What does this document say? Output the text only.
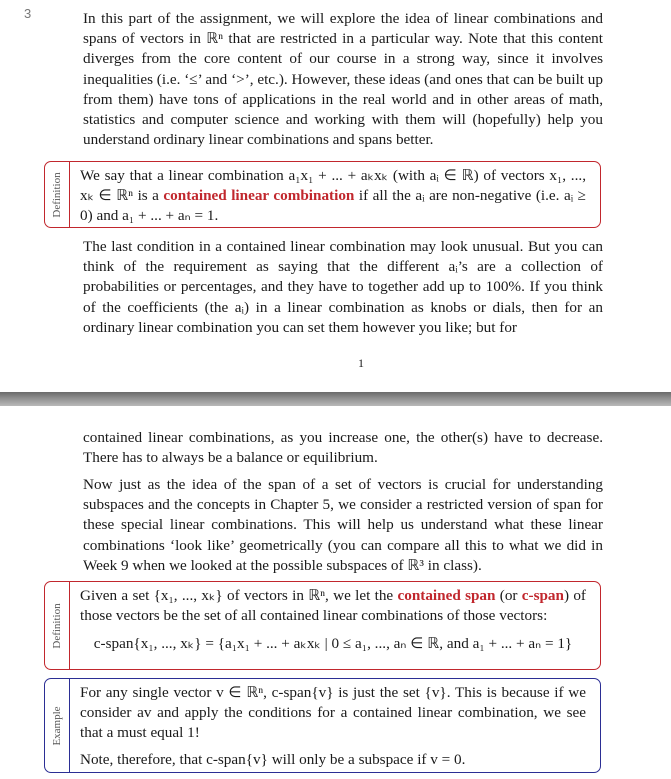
3	In this part of the assignment, we will explore the idea of linear combinations and spans of vectors in ℝⁿ that are restricted in a particular way. Note that this content diverges from the core content of our course in a strong way, since it involves inequalities (i.e. ‘≤’ and ‘>’, etc.). However, these ideas (and ones that can be built up from them) have tons of applications in the real world and in other areas of math, statistics and computer science and working with them will (hopefully) help you understand ordinary linear combinations and spans better.

Definition We say that a linear combination a₁x₁ + ... + aₖxₖ (with aᵢ ∈ ℝ) of vectors x₁, ..., xₖ ∈ ℝⁿ is a contained linear combination if all the aᵢ are non-negative (i.e. aᵢ ≥ 0) and a₁ + ... + aₙ = 1.

The last condition in a contained linear combination may look unusual. But you can think of the requirement as saying that the different aᵢ’s are a collection of probabilities or percentages, and they have to together add up to 100%. If you think of the coefficients (the aᵢ) in a linear combination as knobs or dials, then for an ordinary linear combination you can set them however you like; but for

1

contained linear combinations, as you increase one, the other(s) have to decrease. There has to always be a balance or equilibrium.

Now just as the idea of the span of a set of vectors is crucial for understanding subspaces and the concepts in Chapter 5, we consider a restricted version of span for these special linear combinations. This will help us understand what these linear combinations ‘look like’ geometrically (you can compare all this to what we did in Week 9 when we looked at the possible subspaces of ℝ³ in class).

Definition

Given a set {x₁, ..., xₖ} of vectors in ℝⁿ, we let the contained span (or c-span) of those vectors be the set of all contained linear combinations of those vectors:

c-span{x₁, ..., xₖ} = {a₁x₁ + ... + aₖxₖ | 0 ≤ a₁, ..., aₙ ∈ ℝ, and a₁ + ... + aₙ = 1}

Example

For any single vector v ∈ ℝⁿ, c-span{v} is just the set {v}. This is because if we consider av and apply the conditions for a contained linear combination, we see that a must equal 1!

Note, therefore, that c-span{v} will only be a subspace if v = 0.
